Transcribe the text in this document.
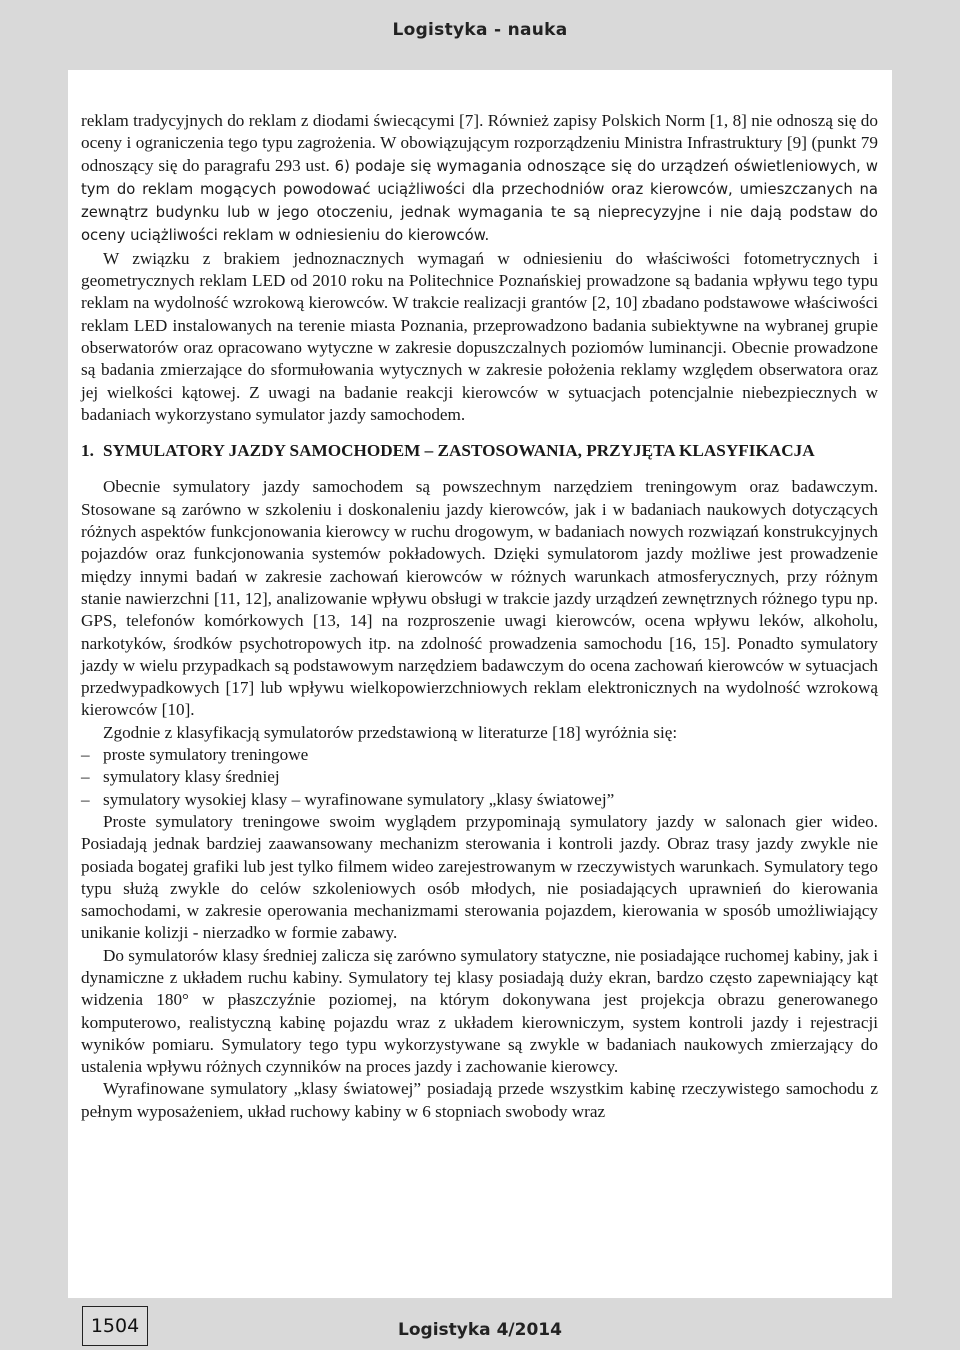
Logistyka - nauka

reklam tradycyjnych do reklam z diodami świecącymi [7]. Również zapisy Polskich Norm [1, 8] nie odnoszą się do oceny i ograniczenia tego typu zagrożenia. W obowiązującym rozporządzeniu Ministra Infrastruktury [9] (punkt 79 odnoszący się do paragrafu 293 ust. 6) podaje się wymagania odnoszące się do urządzeń oświetleniowych, w tym do reklam mogących powodować uciążliwości dla przechodniów oraz kierowców, umieszczanych na zewnątrz budynku lub w jego otoczeniu, jednak wymagania te są nieprecyzyjne i nie dają podstaw do oceny uciążliwości reklam w odniesieniu do kierowców.

W związku z brakiem jednoznacznych wymagań w odniesieniu do właściwości fotometrycznych i geometrycznych reklam LED od 2010 roku na Politechnice Poznańskiej prowadzone są badania wpływu tego typu reklam na wydolność wzrokową kierowców. W trakcie realizacji grantów [2, 10] zbadano podstawowe właściwości reklam LED instalowanych na terenie miasta Poznania, przeprowadzono badania subiektywne na wybranej grupie obserwatorów oraz opracowano wytyczne w zakresie dopuszczalnych poziomów luminancji. Obecnie prowadzone są badania zmierzające do sformułowania wytycznych w zakresie położenia reklamy względem obserwatora oraz jej wielkości kątowej. Z uwagi na badanie reakcji kierowców w sytuacjach potencjalnie niebezpiecznych w badaniach wykorzystano symulator jazdy samochodem.

1. SYMULATORY JAZDY SAMOCHODEM – ZASTOSOWANIA, PRZYJĘTA KLASYFIKACJA

Obecnie symulatory jazdy samochodem są powszechnym narzędziem treningowym oraz badawczym. Stosowane są zarówno w szkoleniu i doskonaleniu jazdy kierowców, jak i w badaniach naukowych dotyczących różnych aspektów funkcjonowania kierowcy w ruchu drogowym, w badaniach nowych rozwiązań konstrukcyjnych pojazdów oraz funkcjonowania systemów pokładowych. Dzięki symulatorom jazdy możliwe jest prowadzenie między innymi badań w zakresie zachowań kierowców w różnych warunkach atmosferycznych, przy różnym stanie nawierzchni [11, 12], analizowanie wpływu obsługi w trakcie jazdy urządzeń zewnętrznych różnego typu np. GPS, telefonów komórkowych [13, 14] na rozproszenie uwagi kierowców, ocena wpływu leków, alkoholu, narkotyków, środków psychotropowych itp. na zdolność prowadzenia samochodu [16, 15]. Ponadto symulatory jazdy w wielu przypadkach są podstawowym narzędziem badawczym do ocena zachowań kierowców w sytuacjach przedwypadkowych [17] lub wpływu wielkopowierzchniowych reklam elektronicznych na wydolność wzrokową kierowców [10].

Zgodnie z klasyfikacją symulatorów przedstawioną w literaturze [18] wyróżnia się:

– proste symulatory treningowe
– symulatory klasy średniej
– symulatory wysokiej klasy – wyrafinowane symulatory „klasy światowej”

Proste symulatory treningowe swoim wyglądem przypominają symulatory jazdy w salonach gier wideo. Posiadają jednak bardziej zaawansowany mechanizm sterowania i kontroli jazdy. Obraz trasy jazdy zwykle nie posiada bogatej grafiki lub jest tylko filmem wideo zarejestrowanym w rzeczywistych warunkach. Symulatory tego typu służą zwykle do celów szkoleniowych osób młodych, nie posiadających uprawnień do kierowania samochodami, w zakresie operowania mechanizmami sterowania pojazdem, kierowania w sposób umożliwiający unikanie kolizji - nierzadko w formie zabawy.

Do symulatorów klasy średniej zalicza się zarówno symulatory statyczne, nie posiadające ruchomej kabiny, jak i dynamiczne z układem ruchu kabiny. Symulatory tej klasy posiadają duży ekran, bardzo często zapewniający kąt widzenia 180° w płaszczyźnie poziomej, na którym dokonywana jest projekcja obrazu generowanego komputerowo, realistyczną kabinę pojazdu wraz z układem kierowniczym, system kontroli jazdy i rejestracji wyników pomiaru. Symulatory tego typu wykorzystywane są zwykle w badaniach naukowych zmierzający do ustalenia wpływu różnych czynników na proces jazdy i zachowanie kierowcy.

Wyrafinowane symulatory „klasy światowej” posiadają przede wszystkim kabinę rzeczywistego samochodu z pełnym wyposażeniem, układ ruchowy kabiny w 6 stopniach swobody wraz

1504	Logistyka 4/2014
